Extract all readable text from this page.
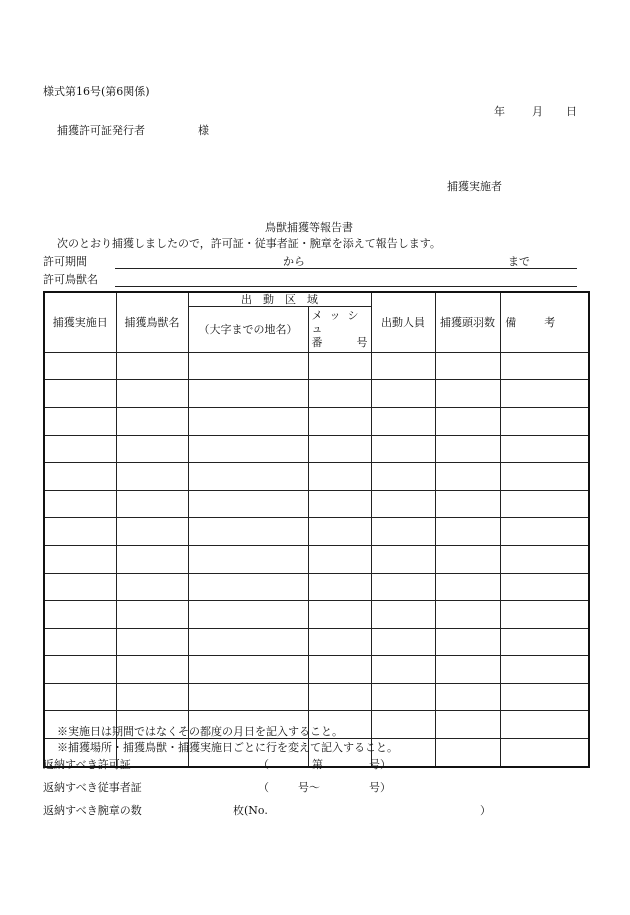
様式第16号(第6関係)
年 月 日
捕獲許可証発行者	様
捕獲実施者
鳥獣捕獲等報告書
次のとおり捕獲しましたので，許可証・従事者証・腕章を添えて報告します。
許可期間	から	まで
許可鳥獣名
捕獲実施日	捕獲鳥獣名	出　動　区　域		出動人員	捕獲頭羽数	備考
		（大字までの地名）	メッシュ
番 号			

※実施日は期間ではなくその都度の月日を記入すること。
※捕獲場所・捕獲鳥獣・捕獲実施日ごとに行を変えて記入すること。
返納すべき許可証	（	第	号）
返納すべき従事者証	（	号～	号）
返納すべき腕章の数	枚(No.	）
